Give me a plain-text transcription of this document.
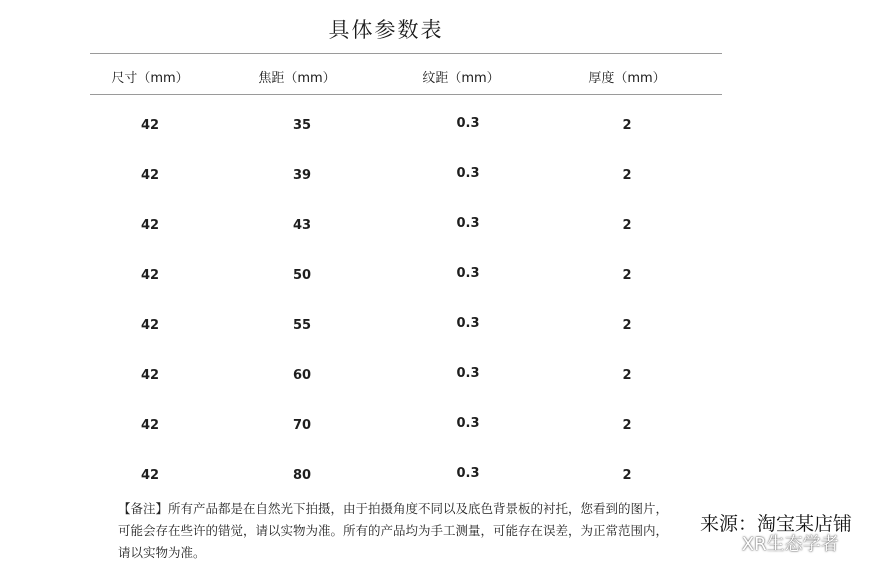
具体参数表
尺寸（mm）	焦距（mm）	纹距（mm）	厚度（mm）
42	35	0.3	2
42	39	0.3	2
42	43	0.3	2
42	50	0.3	2
42	55	0.3	2
42	60	0.3	2
42	70	0.3	2
42	80	0.3	2
【备注】所有产品都是在自然光下拍摄，由于拍摄角度不同以及底色背景板的衬托，您看到的图片，可能会存在些许的错觉，请以实物为准。所有的产品均为手工测量，可能存在误差，为正常范围内，请以实物为准。
来源：淘宝某店铺
XR生态学者
